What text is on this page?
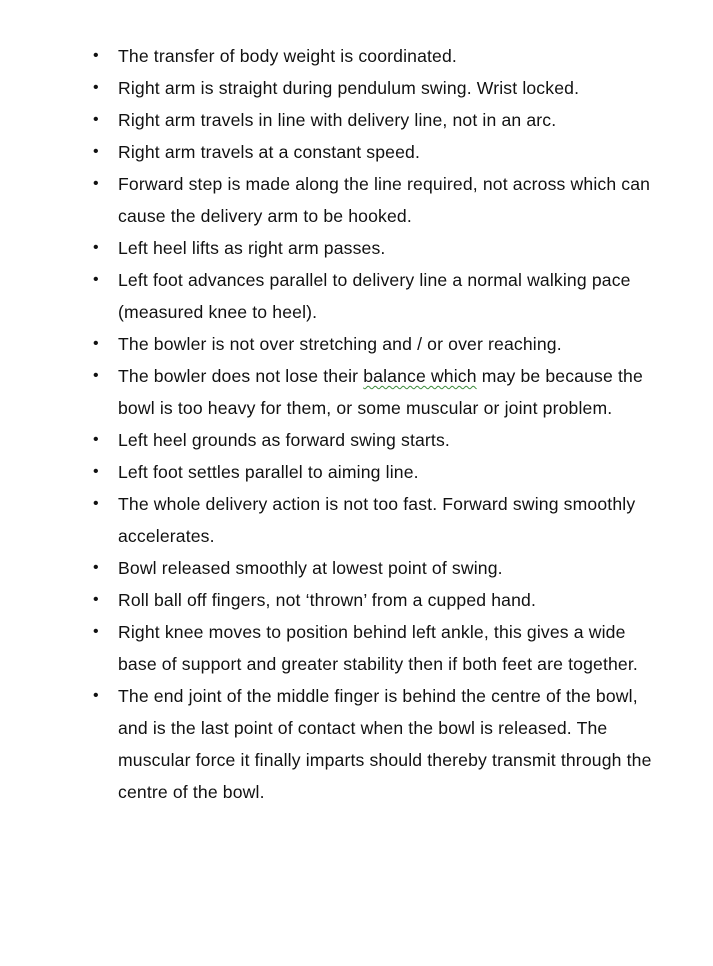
• The transfer of body weight is coordinated.
• Right arm is straight during pendulum swing. Wrist locked.
• Right arm travels in line with delivery line, not in an arc.
• Right arm travels at a constant speed.
• Forward step is made along the line required, not across which can cause the delivery arm to be hooked.
• Left heel lifts as right arm passes.
• Left foot advances parallel to delivery line a normal walking pace (measured knee to heel).
• The bowler is not over stretching and / or over reaching.
• The bowler does not lose their balance which may be because the bowl is too heavy for them, or some muscular or joint problem.
• Left heel grounds as forward swing starts.
• Left foot settles parallel to aiming line.
• The whole delivery action is not too fast. Forward swing smoothly accelerates.
• Bowl released smoothly at lowest point of swing.
• Roll ball off fingers, not ‘thrown’ from a cupped hand.
• Right knee moves to position behind left ankle, this gives a wide base of support and greater stability then if both feet are together.
• The end joint of the middle finger is behind the centre of the bowl, and is the last point of contact when the bowl is released. The muscular force it finally imparts should thereby transmit through the centre of the bowl.
